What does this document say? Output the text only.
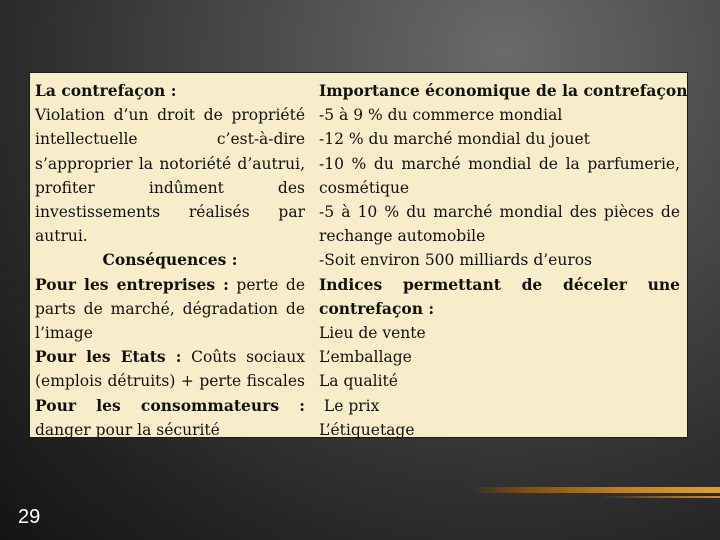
La contrefaçon :
Violation d’un droit de propriété
intellectuelle c’est-à-dire
s’approprier la notoriété d’autrui,
profiter indûment des
investissements réalisés par autrui.
Conséquences :
Pour les entreprises : perte de
parts de marché, dégradation de
l’image
Pour les Etats : Coûts sociaux
(emplois détruits) + perte fiscales
Pour les consommateurs :
danger pour la sécurité
Importance économique de la contrefaçon
-5 à 9 % du commerce mondial
-12 % du marché mondial du jouet
-10 % du marché mondial de la parfumerie,
cosmétique
-5 à 10 % du marché mondial des pièces de
rechange automobile
-Soit environ 500 milliards d’euros
Indices permettant de déceler une
contrefaçon :
Lieu de vente
L’emballage
La qualité
Le prix
L’étiquetage
29
